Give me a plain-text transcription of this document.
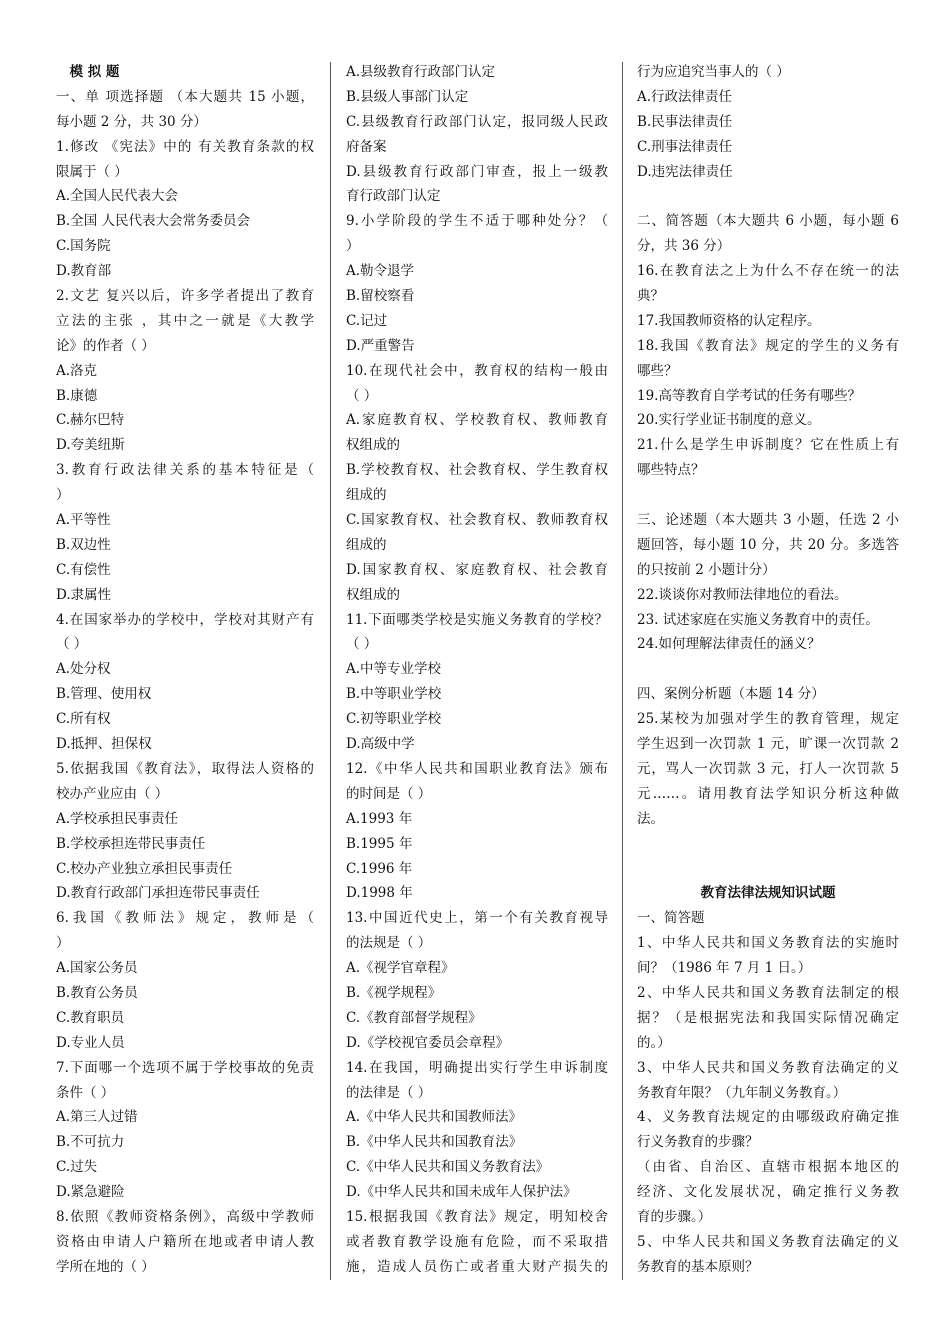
　模 拟 题
一、单 项选择题 （本大题共 15 小题，
每小题 2 分，共 30 分）
1.修改 《宪法》中的 有关教育条款的权
限属于（ ）
A.全国人民代表大会
B.全国 人民代表大会常务委员会
C.国务院
D.教育部
2.文艺 复兴以后，许多学者提出了教育
立法的主张 ，其中之一就是《大教学
论》的作者（ ）
A.洛克
B.康德
C.赫尔巴特
D.夸美纽斯
3.教育行政法律关系的基本特征是（
）
A.平等性
B.双边性
C.有偿性
D.隶属性
4.在国家举办的学校中，学校对其财产有
（ ）
A.处分权
B.管理、使用权
C.所有权
D.抵押、担保权
5.依据我国《教育法》，取得法人资格的
校办产业应由（ ）
A.学校承担民事责任
B.学校承担连带民事责任
C.校办产业独立承担民事责任
D.教育行政部门承担连带民事责任
6.我国《教师法》规定，教师是（
）
A.国家公务员
B.教育公务员
C.教育职员
D.专业人员
7.下面哪一个选项不属于学校事故的免责
条件（ ）
A.第三人过错
B.不可抗力
C.过失
D.紧急避险
8.依照《教师资格条例》，高级中学教师
资格由申请人户籍所在地或者申请人教
学所在地的（ ）
A.县级教育行政部门认定
B.县级人事部门认定
C.县级教育行政部门认定，报同级人民政
府备案
D.县级教育行政部门审查，报上一级教
育行政部门认定
9.小学阶段的学生不适于哪种处分？（
）
A.勒令退学
B.留校察看
C.记过
D.严重警告
10.在现代社会中，教育权的结构一般由
（ ）
A.家庭教育权、学校教育权、教师教育
权组成的
B.学校教育权、社会教育权、学生教育权
组成的
C.国家教育权、社会教育权、教师教育权
组成的
D.国家教育权、家庭教育权、社会教育
权组成的
11.下面哪类学校是实施义务教育的学校？
（ ）
A.中等专业学校
B.中等职业学校
C.初等职业学校
D.高级中学
12.《中华人民共和国职业教育法》颁布
的时间是（ ）
A.1993 年
B.1995 年
C.1996 年
D.1998 年
13.中国近代史上，第一个有关教育视导
的法规是（ ）
A.《视学官章程》
B.《视学规程》
C.《教育部督学规程》
D.《学校视官委员会章程》
14.在我国，明确提出实行学生申诉制度
的法律是（ ）
A.《中华人民共和国教师法》
B.《中华人民共和国教育法》
C.《中华人民共和国义务教育法》
D.《中华人民共和国未成年人保护法》
15.根据我国《教育法》规定，明知校舍
或者教育教学设施有危险，而不采取措
施，造成人员伤亡或者重大财产损失的
行为应追究当事人的（ ）
A.行政法律责任
B.民事法律责任
C.刑事法律责任
D.违宪法律责任
二、简答题（本大题共 6 小题，每小题 6
分，共 36 分）
16.在教育法之上为什么不存在统一的法
典？
17.我国教师资格的认定程序。
18.我国《教育法》规定的学生的义务有
哪些？
19.高等教育自学考试的任务有哪些？
20.实行学业证书制度的意义。
21.什么是学生申诉制度？它在性质上有
哪些特点？
三、论述题（本大题共 3 小题，任选 2 小
题回答，每小题 10 分，共 20 分。多选答
的只按前 2 小题计分）
22.谈谈你对教师法律地位的看法。
23. 试述家庭在实施义务教育中的责任。
24.如何理解法律责任的涵义？
四、案例分析题（本题 14 分）
25.某校为加强对学生的教育管理，规定
学生迟到一次罚款 1 元，旷课一次罚款 2
元，骂人一次罚款 3 元，打人一次罚款 5
元……。请用教育法学知识分析这种做
法。
教育法律法规知识试题
一、简答题
1、中华人民共和国义务教育法的实施时
间？（1986 年 7 月 1 日。）
2、中华人民共和国义务教育法制定的根
据？（是根据宪法和我国实际情况确定
的。）
3、中华人民共和国义务教育法确定的义
务教育年限？（九年制义务教育。）
4、义务教育法规定的由哪级政府确定推
行义务教育的步骤？
（由省、自治区、直辖市根据本地区的
经济、文化发展状况，确定推行义务教
育的步骤。）
5、中华人民共和国义务教育法确定的义
务教育的基本原则？
